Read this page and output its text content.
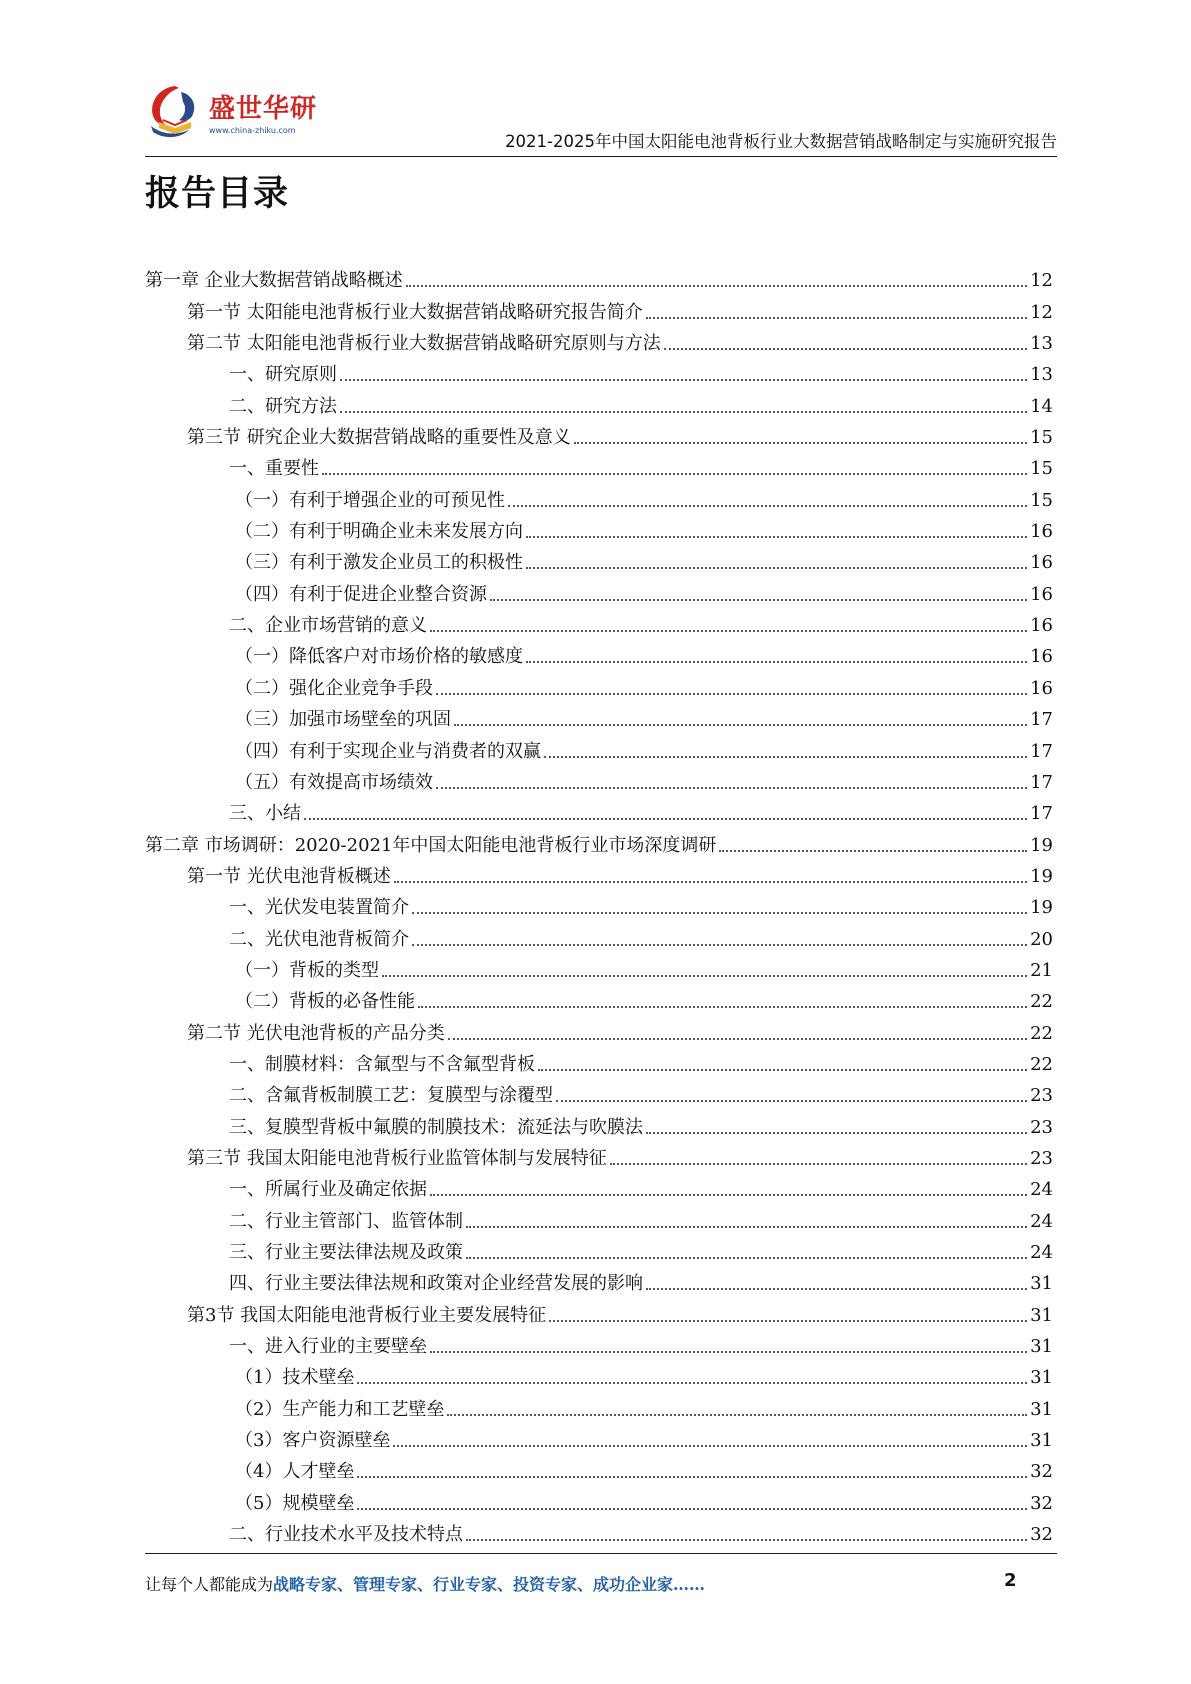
盛世华研
www.china-zhiku.com
2021-2025年中国太阳能电池背板行业大数据营销战略制定与实施研究报告
报告目录
第一章 企业大数据营销战略概述	12
第一节 太阳能电池背板行业大数据营销战略研究报告简介	12
第二节 太阳能电池背板行业大数据营销战略研究原则与方法	13
一、研究原则	13
二、研究方法	14
第三节 研究企业大数据营销战略的重要性及意义	15
一、重要性	15
（一）有利于增强企业的可预见性	15
（二）有利于明确企业未来发展方向	16
（三）有利于激发企业员工的积极性	16
（四）有利于促进企业整合资源	16
二、企业市场营销的意义	16
（一）降低客户对市场价格的敏感度	16
（二）强化企业竞争手段	16
（三）加强市场壁垒的巩固	17
（四）有利于实现企业与消费者的双赢	17
（五）有效提高市场绩效	17
三、小结	17
第二章 市场调研：2020-2021年中国太阳能电池背板行业市场深度调研	19
第一节 光伏电池背板概述	19
一、光伏发电装置简介	19
二、光伏电池背板简介	20
（一）背板的类型	21
（二）背板的必备性能	22
第二节 光伏电池背板的产品分类	22
一、制膜材料：含氟型与不含氟型背板	22
二、含氟背板制膜工艺：复膜型与涂覆型	23
三、复膜型背板中氟膜的制膜技术：流延法与吹膜法	23
第三节 我国太阳能电池背板行业监管体制与发展特征	23
一、所属行业及确定依据	24
二、行业主管部门、监管体制	24
三、行业主要法律法规及政策	24
四、行业主要法律法规和政策对企业经营发展的影响	31
第3节 我国太阳能电池背板行业主要发展特征	31
一、进入行业的主要壁垒	31
（1）技术壁垒	31
（2）生产能力和工艺壁垒	31
（3）客户资源壁垒	31
（4）人才壁垒	32
（5）规模壁垒	32
二、行业技术水平及技术特点	32
让每个人都能成为战略专家、管理专家、行业专家、投资专家、成功企业家……	2
